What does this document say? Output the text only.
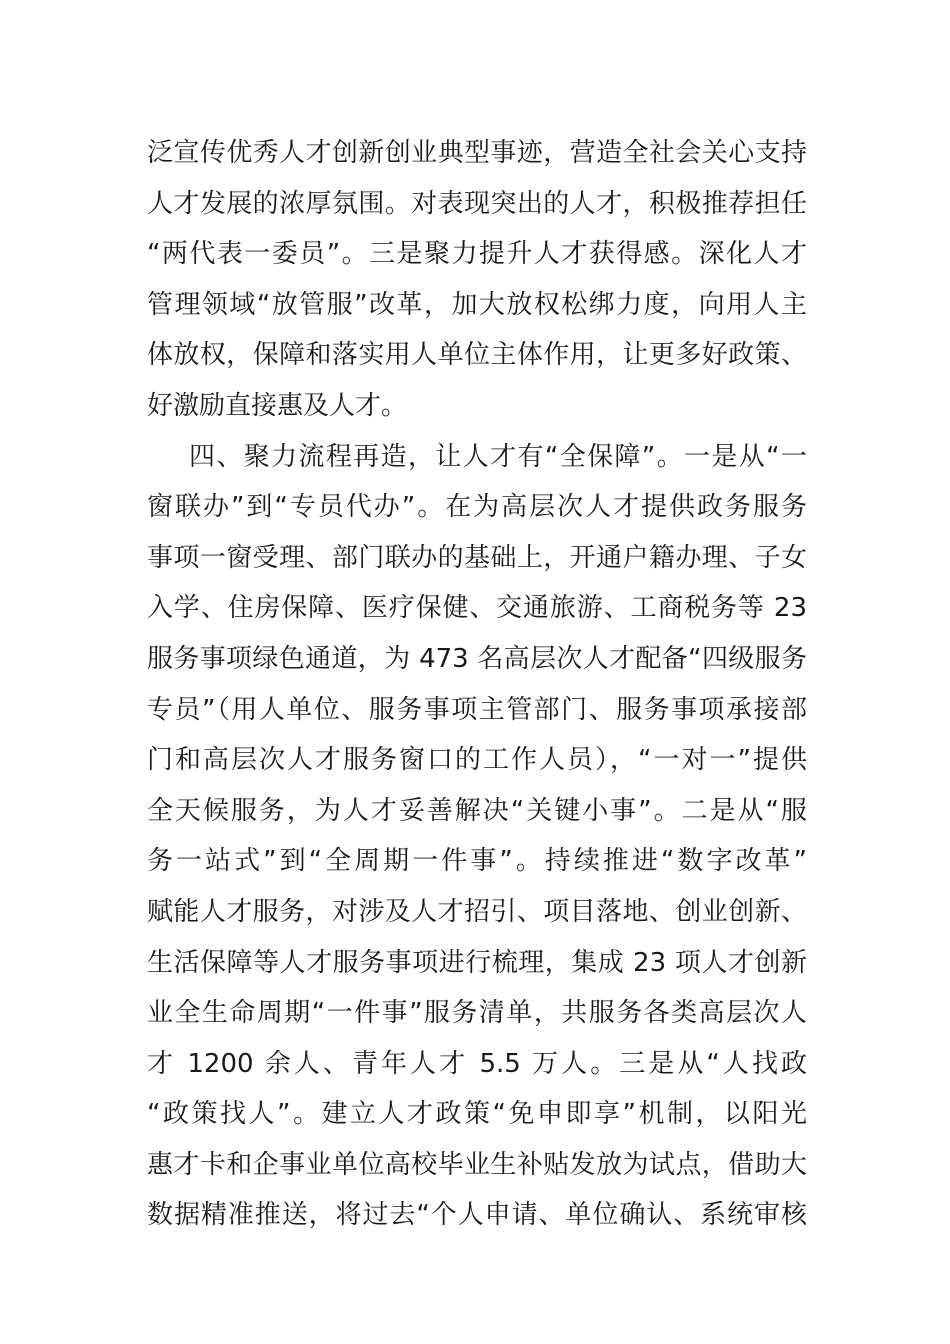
泛宣传优秀人才创新创业典型事迹，营造全社会关心支持
人才发展的浓厚氛围。对表现突出的人才，积极推荐担任
“两代表一委员”。三是聚力提升人才获得感。深化人才
管理领域“放管服”改革，加大放权松绑力度，向用人主
体放权，保障和落实用人单位主体作用，让更多好政策、
好激励直接惠及人才。
四、聚力流程再造，让人才有“全保障”。一是从“一
窗联办”到“专员代办”。在为高层次人才提供政务服务
事项一窗受理、部门联办的基础上，开通户籍办理、子女
入学、住房保障、医疗保健、交通旅游、工商税务等 23
服务事项绿色通道，为 473 名高层次人才配备“四级服务
专员”（用人单位、服务事项主管部门、服务事项承接部
门和高层次人才服务窗口的工作人员），“一对一”提供
全天候服务，为人才妥善解决“关键小事”。二是从“服
务一站式”到“全周期一件事”。持续推进“数字改革”
赋能人才服务，对涉及人才招引、项目落地、创业创新、
生活保障等人才服务事项进行梳理，集成 23 项人才创新
业全生命周期“一件事”服务清单，共服务各类高层次人
才 1200 余人、青年人才 5.5 万人。三是从“人找政
“政策找人”。建立人才政策“免申即享”机制，以阳光
惠才卡和企事业单位高校毕业生补贴发放为试点，借助大
数据精准推送，将过去“个人申请、单位确认、系统审核
